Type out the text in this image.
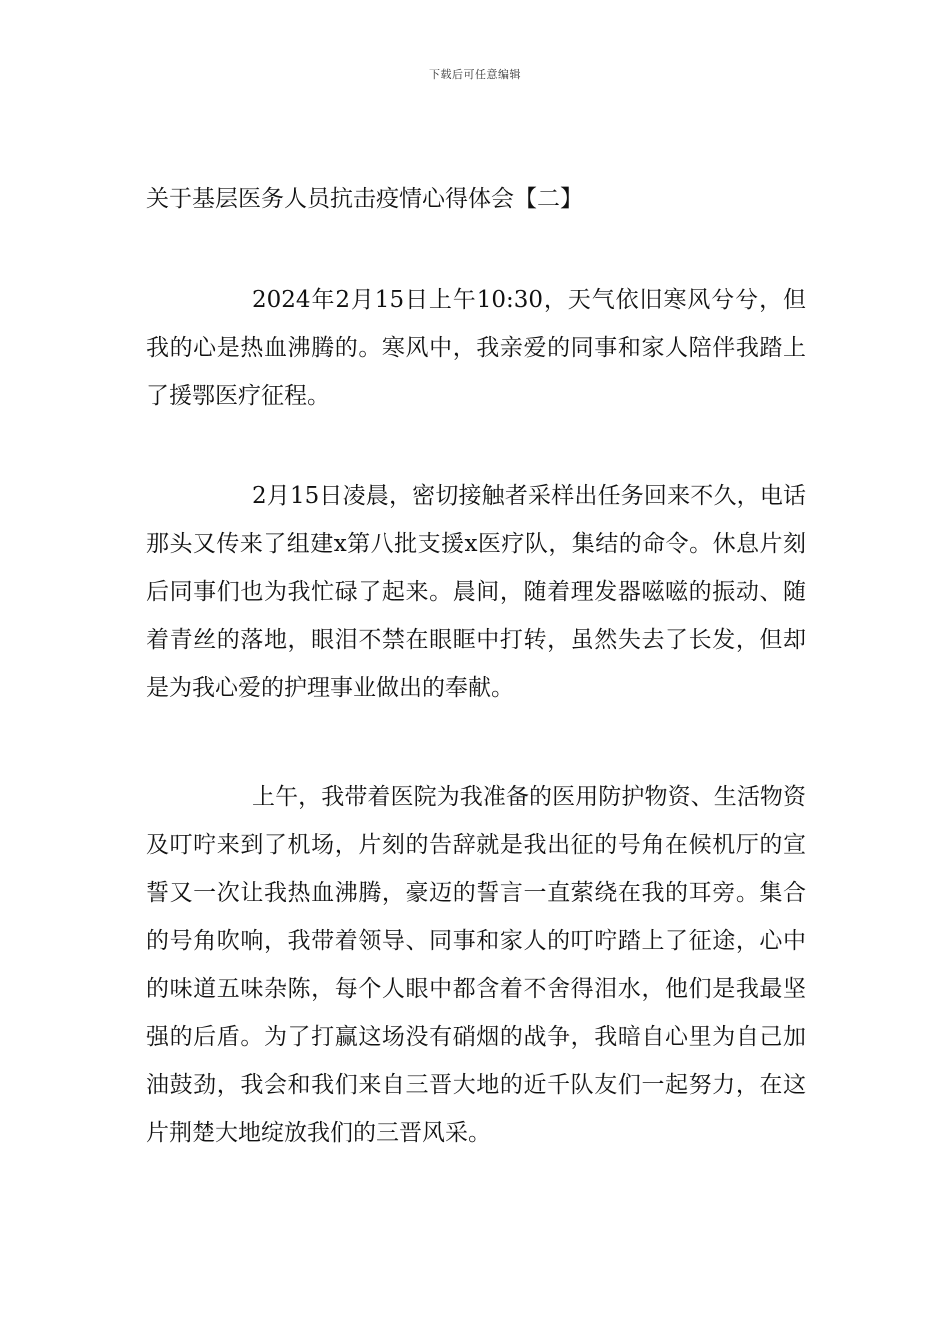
下载后可任意编辑
关于基层医务人员抗击疫情心得体会【二】

2024年2月15日上午10:30，天气依旧寒风兮兮，但我的心是热血沸腾的。寒风中，我亲爱的同事和家人陪伴我踏上了援鄂医疗征程。

2月15日凌晨，密切接触者采样出任务回来不久，电话那头又传来了组建x第八批支援x医疗队，集结的命令。休息片刻后同事们也为我忙碌了起来。晨间，随着理发器嗞嗞的振动、随着青丝的落地，眼泪不禁在眼眶中打转，虽然失去了长发，但却是为我心爱的护理事业做出的奉献。

上午，我带着医院为我准备的医用防护物资、生活物资及叮咛来到了机场，片刻的告辞就是我出征的号角在候机厅的宣誓又一次让我热血沸腾，豪迈的誓言一直萦绕在我的耳旁。集合的号角吹响，我带着领导、同事和家人的叮咛踏上了征途，心中的味道五味杂陈，每个人眼中都含着不舍得泪水，他们是我最坚强的后盾。为了打赢这场没有硝烟的战争，我暗自心里为自己加油鼓劲，我会和我们来自三晋大地的近千队友们一起努力，在这片荆楚大地绽放我们的三晋风采。
